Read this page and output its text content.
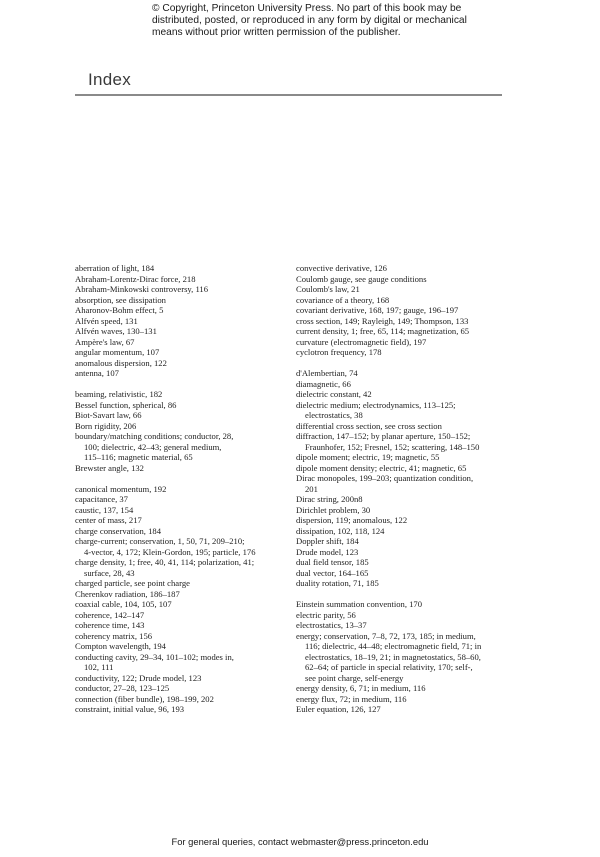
© Copyright, Princeton University Press. No part of this book may be
distributed, posted, or reproduced in any form by digital or mechanical
means without prior written permission of the publisher.
Index
aberration of light, 184
Abraham-Lorentz-Dirac force, 218
Abraham-Minkowski controversy, 116
absorption, see dissipation
Aharonov-Bohm effect, 5
Alfvén speed, 131
Alfvén waves, 130–131
Ampère's law, 67
angular momentum, 107
anomalous dispersion, 122
antenna, 107
beaming, relativistic, 182
Bessel function, spherical, 86
Biot-Savart law, 66
Born rigidity, 206
boundary/matching conditions; conductor, 28,
100; dielectric, 42–43; general medium,
115–116; magnetic material, 65
Brewster angle, 132
canonical momentum, 192
capacitance, 37
caustic, 137, 154
center of mass, 217
charge conservation, 184
charge-current; conservation, 1, 50, 71, 209–210;
4-vector, 4, 172; Klein-Gordon, 195; particle, 176
charge density, 1; free, 40, 41, 114; polarization, 41;
surface, 28, 43
charged particle, see point charge
Cherenkov radiation, 186–187
coaxial cable, 104, 105, 107
coherence, 142–147
coherence time, 143
coherency matrix, 156
Compton wavelength, 194
conducting cavity, 29–34, 101–102; modes in,
102, 111
conductivity, 122; Drude model, 123
conductor, 27–28, 123–125
connection (fiber bundle), 198–199, 202
constraint, initial value, 96, 193
convective derivative, 126
Coulomb gauge, see gauge conditions
Coulomb's law, 21
covariance of a theory, 168
covariant derivative, 168, 197; gauge, 196–197
cross section, 149; Rayleigh, 149; Thompson, 133
current density, 1; free, 65, 114; magnetization, 65
curvature (electromagnetic field), 197
cyclotron frequency, 178
d'Alembertian, 74
diamagnetic, 66
dielectric constant, 42
dielectric medium; electrodynamics, 113–125;
electrostatics, 38
differential cross section, see cross section
diffraction, 147–152; by planar aperture, 150–152;
Fraunhofer, 152; Fresnel, 152; scattering, 148–150
dipole moment; electric, 19; magnetic, 55
dipole moment density; electric, 41; magnetic, 65
Dirac monopoles, 199–203; quantization condition,
201
Dirac string, 200n8
Dirichlet problem, 30
dispersion, 119; anomalous, 122
dissipation, 102, 118, 124
Doppler shift, 184
Drude model, 123
dual field tensor, 185
dual vector, 164–165
duality rotation, 71, 185
Einstein summation convention, 170
electric parity, 56
electrostatics, 13–37
energy; conservation, 7–8, 72, 173, 185; in medium,
116; dielectric, 44–48; electromagnetic field, 71; in
electrostatics, 18–19, 21; in magnetostatics, 58–60,
62–64; of particle in special relativity, 170; self-,
see point charge, self-energy
energy density, 6, 71; in medium, 116
energy flux, 72; in medium, 116
Euler equation, 126, 127
For general queries, contact webmaster@press.princeton.edu
